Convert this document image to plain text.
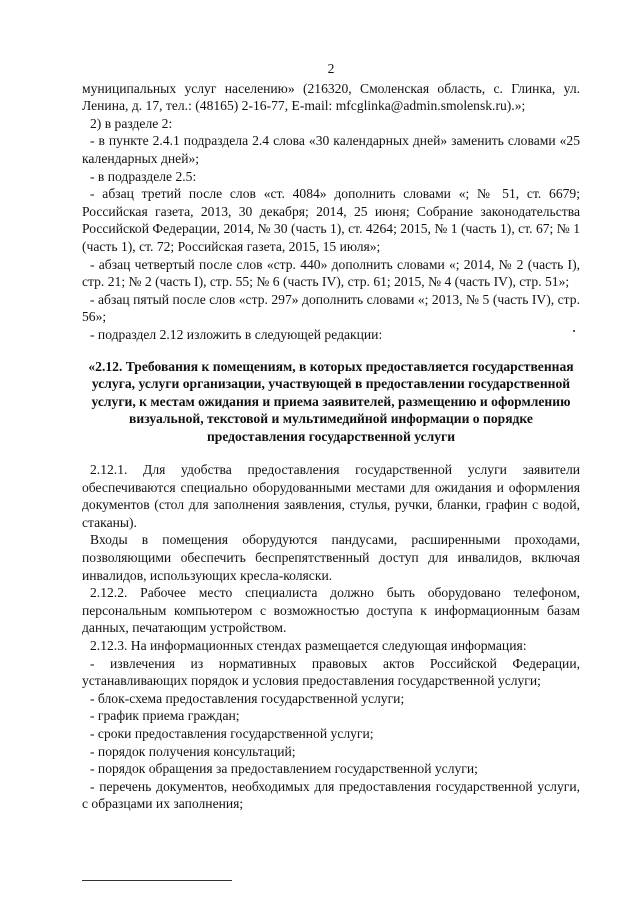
2

муниципальных услуг населению» (216320, Смоленская область, с. Глинка, ул. Ленина, д. 17, тел.: (48165) 2-16-77, E-mail: mfcglinka@admin.smolensk.ru).»;

2) в разделе 2:

- в пункте 2.4.1 подраздела 2.4 слова «30 календарных дней» заменить словами «25 календарных дней»;

- в подразделе 2.5:

- абзац третий после слов «ст. 4084» дополнить словами «; № 51, ст. 6679; Российская газета, 2013, 30 декабря; 2014, 25 июня; Собрание законодательства Российской Федерации, 2014, № 30 (часть 1), ст. 4264; 2015, № 1 (часть 1), ст. 67; № 1 (часть 1), ст. 72; Российская газета, 2015, 15 июля»;

- абзац четвертый после слов «стр. 440» дополнить словами «; 2014, № 2 (часть I), стр. 21; № 2 (часть I), стр. 55; № 6 (часть IV), стр. 61; 2015, № 4 (часть IV), стр. 51»;

- абзац пятый после слов «стр. 297» дополнить словами «; 2013, № 5 (часть IV), стр. 56»;

- подраздел 2.12 изложить в следующей редакции:

«2.12. Требования к помещениям, в которых предоставляется государственная услуга, услуги организации, участвующей в предоставлении государственной услуги, к местам ожидания и приема заявителей, размещению и оформлению визуальной, текстовой и мультимедийной информации о порядке предоставления государственной услуги

2.12.1. Для удобства предоставления государственной услуги заявители обеспечиваются специально оборудованными местами для ожидания и оформления документов (стол для заполнения заявления, стулья, ручки, бланки, графин с водой, стаканы).

Входы в помещения оборудуются пандусами, расширенными проходами, позволяющими обеспечить беспрепятственный доступ для инвалидов, включая инвалидов, использующих кресла-коляски.

2.12.2. Рабочее место специалиста должно быть оборудовано телефоном, персональным компьютером с возможностью доступа к информационным базам данных, печатающим устройством.

2.12.3. На информационных стендах размещается следующая информация:

- извлечения из нормативных правовых актов Российской Федерации, устанавливающих порядок и условия предоставления государственной услуги;

- блок-схема предоставления государственной услуги;

- график приема граждан;

- сроки предоставления государственной услуги;

- порядок получения консультаций;

- порядок обращения за предоставлением государственной услуги;

- перечень документов, необходимых для предоставления государственной услуги, с образцами их заполнения;
